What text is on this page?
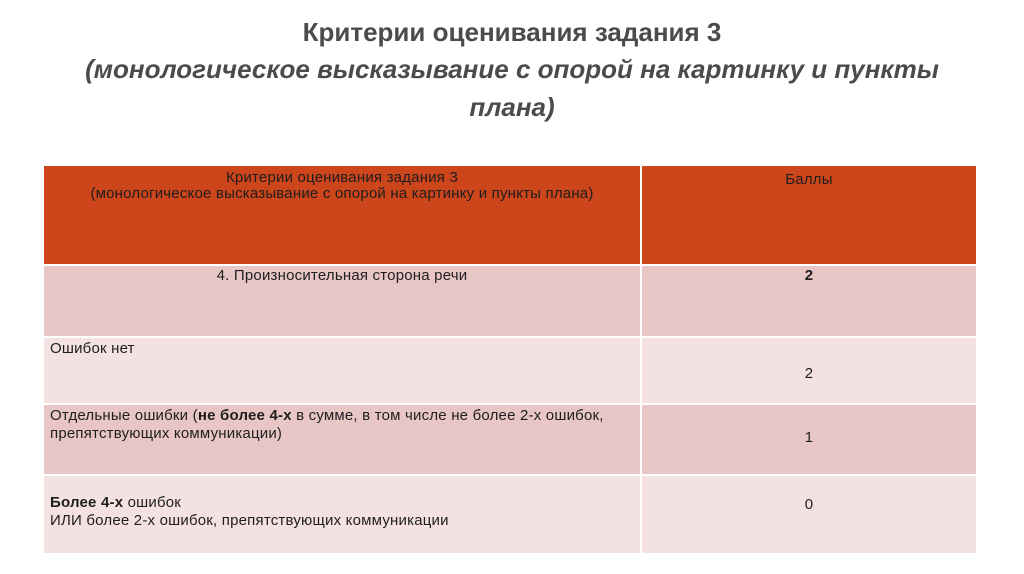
Критерии оценивания задания 3
(монологическое высказывание с опорой на картинку и пункты плана)
Критерии оценивания задания 3
(монологическое высказывание с опорой на картинку и пункты плана)	Баллы
4. Произносительная сторона речи	2
Ошибок нет	2
Отдельные ошибки (не более 4-х в сумме, в том числе не более 2-х ошибок,
препятствующих коммуникации)	1
Более 4-х ошибок
ИЛИ более 2-х ошибок, препятствующих коммуникации	0
